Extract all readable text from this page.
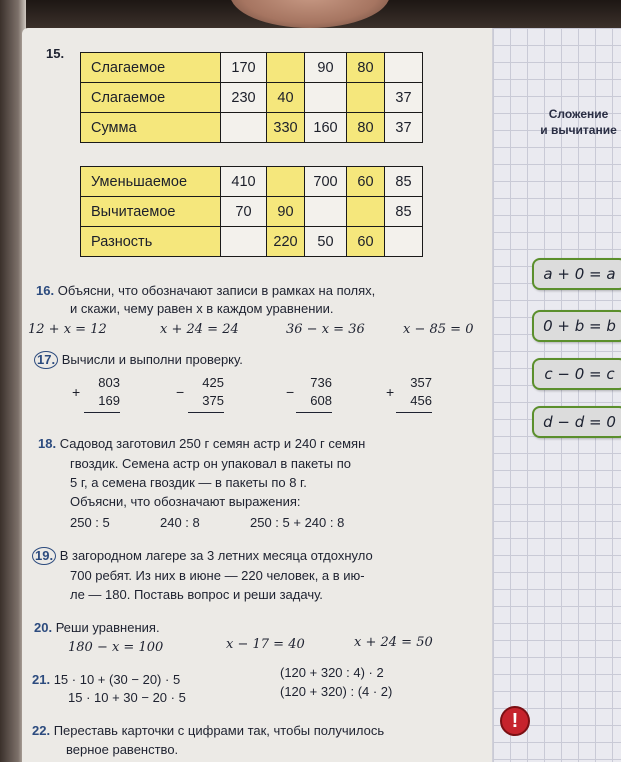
Сложение
и вычитание
a + 0 = a
0 + b = b
c − 0 = c
d − d = 0
15.
Слагаемое	170		90	80	
Слагаемое	230	40			37
Сумма		330	160	80	37
Уменьшаемое	410		700	60	85
Вычитаемое	70	90			85
Разность		220	50	60	
16. Объясни, что обозначают записи в рамках на полях,
и скажи, чему равен x в каждом уравнении.
12 + x = 12	x + 24 = 24	36 − x = 36	x − 85 = 0
17. Вычисли и выполни проверку.
+
803
169
−
425
375
−
736
608
+
357
456
18. Садовод заготовил 250 г семян астр и 240 г семян
гвоздик. Семена астр он упаковал в пакеты по
5 г, а семена гвоздик — в пакеты по 8 г.
Объясни, что обозначают выражения:
250 : 5	240 : 8	250 : 5 + 240 : 8
19. В загородном лагере за 3 летних месяца отдохнуло
700 ребят. Из них в июне — 220 человек, а в ию-
ле — 180. Поставь вопрос и реши задачу.
20. Реши уравнения.
180 − x = 100	x − 17 = 40	x + 24 = 50
21. 15 · 10 + (30 − 20) · 5
15 · 10 + 30 − 20 · 5
(120 + 320 : 4) · 2
(120 + 320) : (4 · 2)
22. Переставь карточки с цифрами так, чтобы получилось
верное равенство.
!
